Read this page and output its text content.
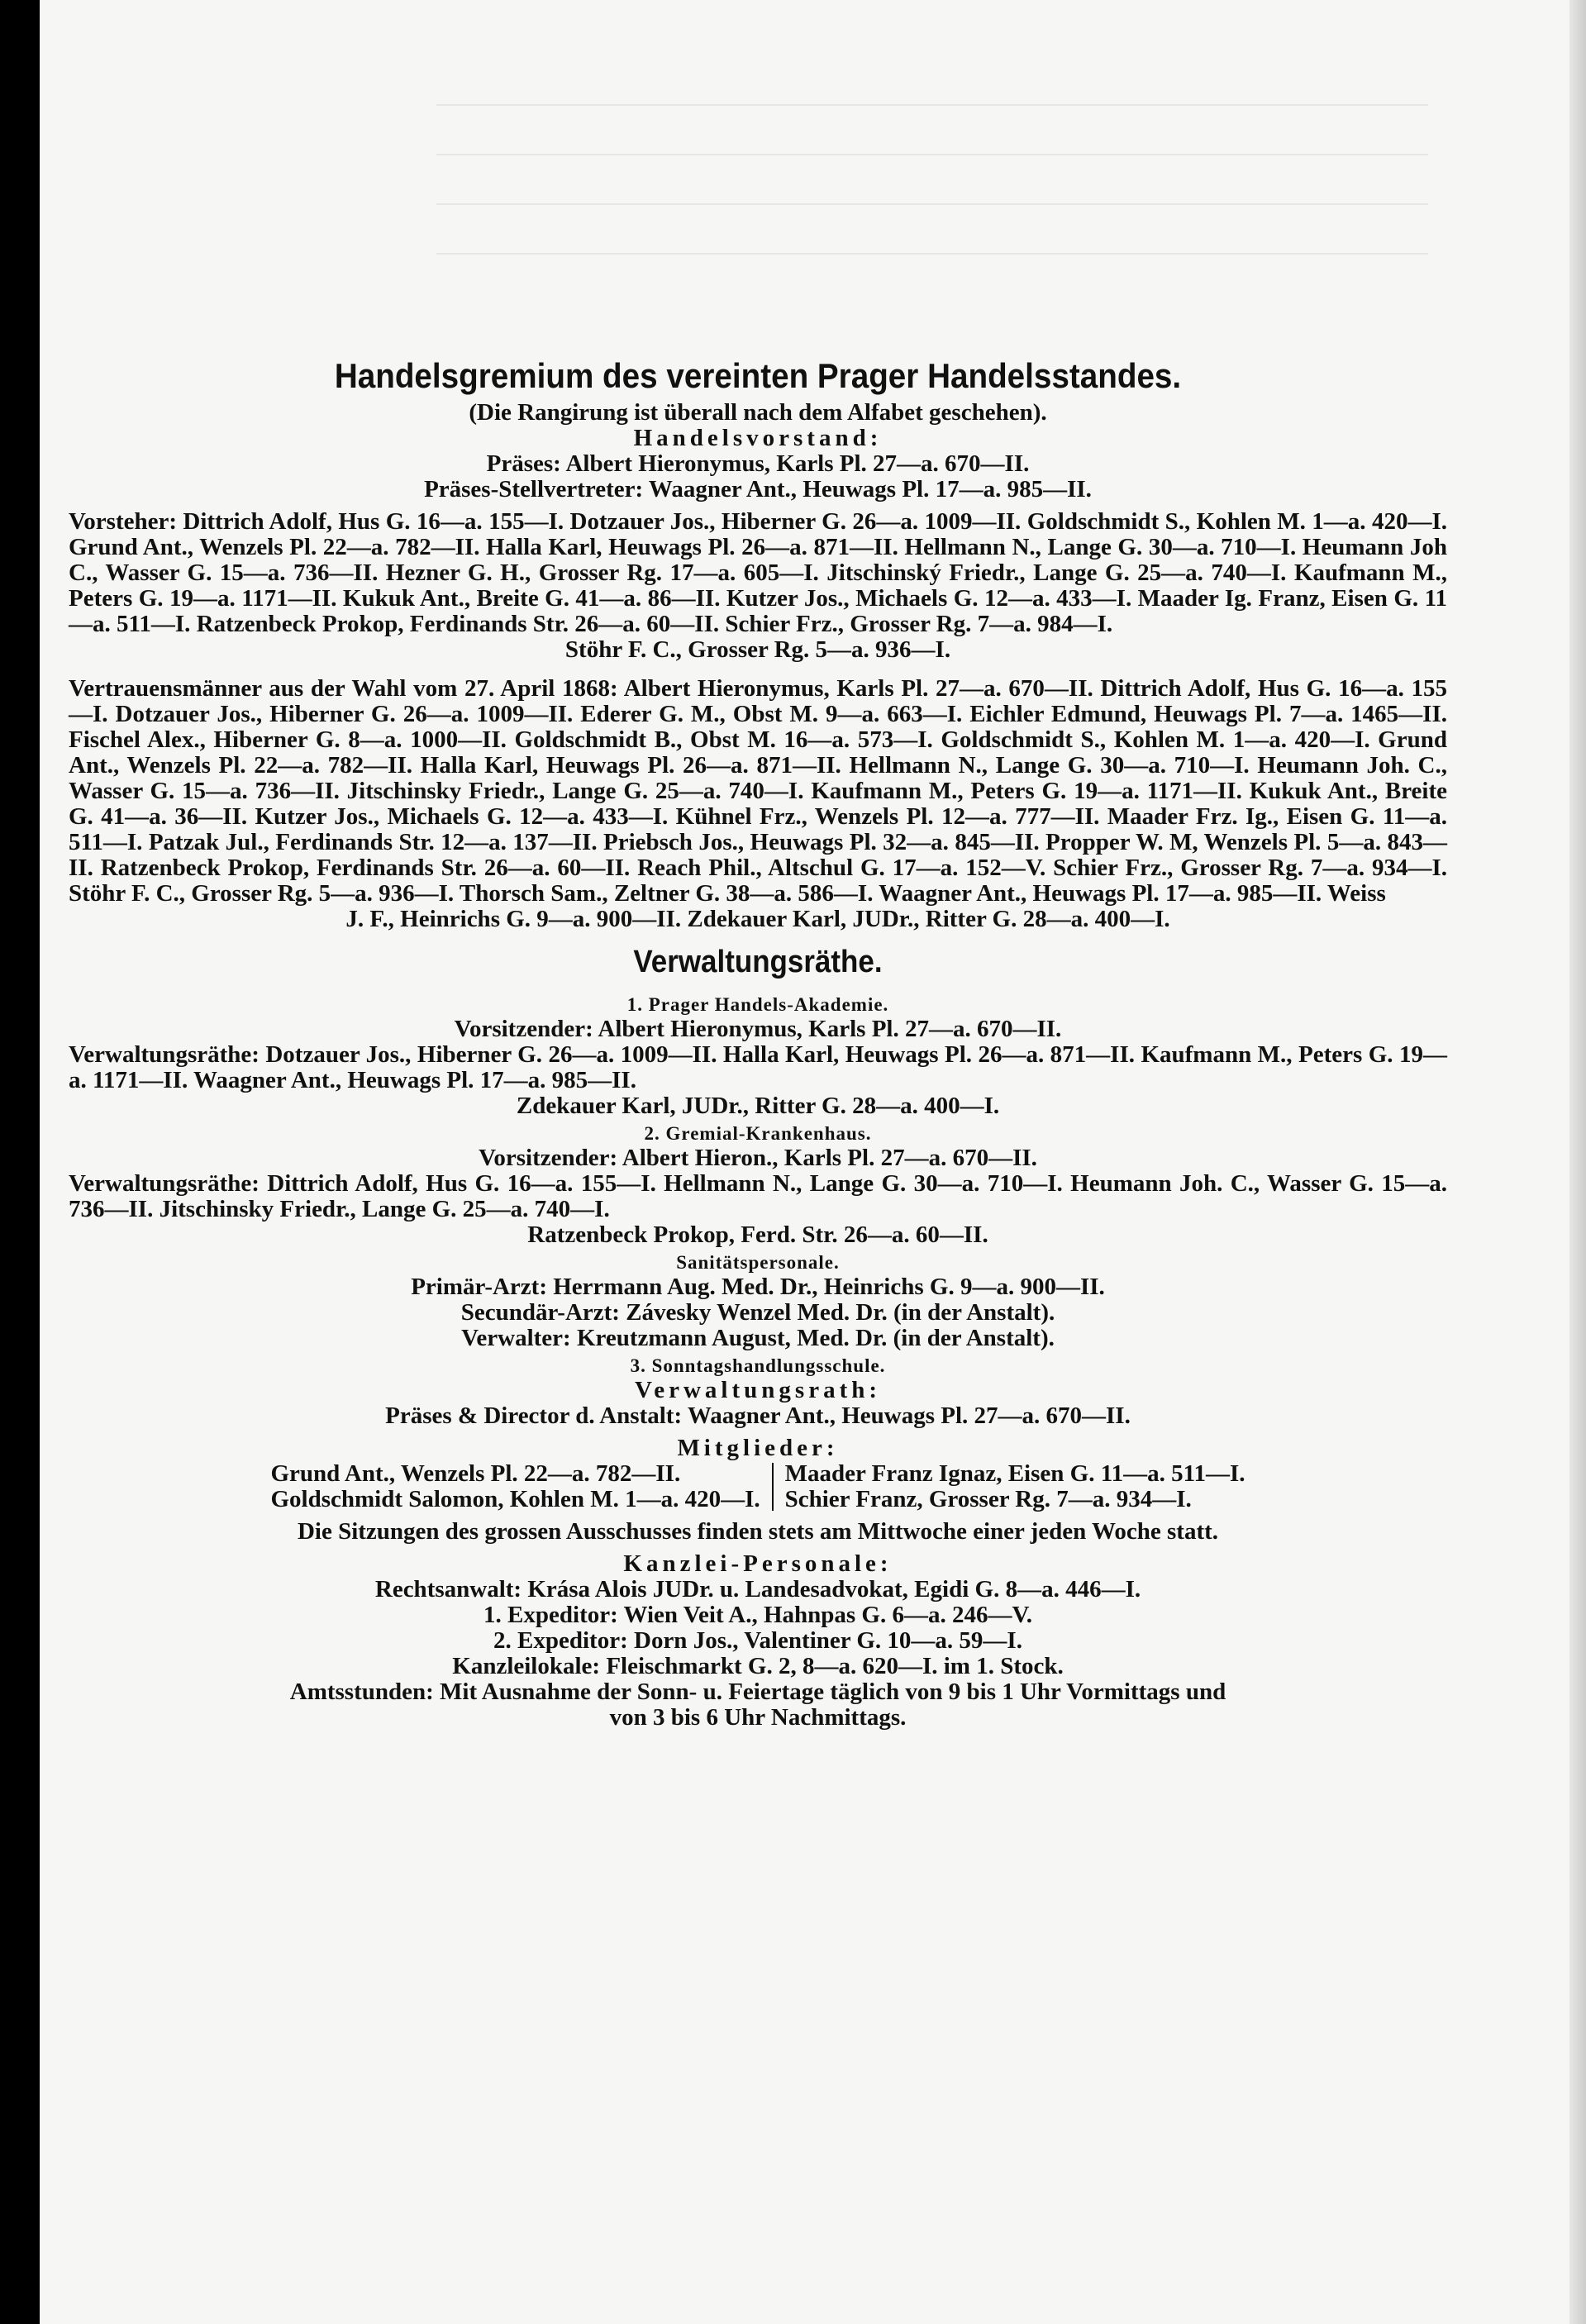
Handelsgremium des vereinten Prager Handelsstandes.
(Die Rangirung ist überall nach dem Alfabet geschehen).
Handelsvorstand:
Präses: Albert Hieronymus, Karls Pl. 27—a. 670—II.
Präses-Stellvertreter: Waagner Ant., Heuwags Pl. 17—a. 985—II.
Vorsteher: Dittrich Adolf, Hus G. 16—a. 155—I. Dotzauer Jos., Hiberner G. 26—a. 1009—II. Goldschmidt S., Kohlen M. 1—a. 420—I. Grund Ant., Wenzels Pl. 22—a. 782—II. Halla Karl, Heuwags Pl. 26—a. 871—II. Hellmann N., Lange G. 30—a. 710—I. Heumann Joh C., Wasser G. 15—a. 736—II. Hezner G. H., Grosser Rg. 17—a. 605—I. Jitschinský Friedr., Lange G. 25—a. 740—I. Kaufmann M., Peters G. 19—a. 1171—II. Kukuk Ant., Breite G. 41—a. 86—II. Kutzer Jos., Michaels G. 12—a. 433—I. Maader Ig. Franz, Eisen G. 11—a. 511—I. Ratzenbeck Prokop, Ferdinands Str. 26—a. 60—II. Schier Frz., Grosser Rg. 7—a. 984—I.
Stöhr F. C., Grosser Rg. 5—a. 936—I.
Vertrauensmänner aus der Wahl vom 27. April 1868: Albert Hieronymus, Karls Pl. 27—a. 670—II. Dittrich Adolf, Hus G. 16—a. 155—I. Dotzauer Jos., Hiberner G. 26—a. 1009—II. Ederer G. M., Obst M. 9—a. 663—I. Eichler Edmund, Heuwags Pl. 7—a. 1465—II. Fischel Alex., Hiberner G. 8—a. 1000—II. Goldschmidt B., Obst M. 16—a. 573—I. Goldschmidt S., Kohlen M. 1—a. 420—I. Grund Ant., Wenzels Pl. 22—a. 782—II. Halla Karl, Heuwags Pl. 26—a. 871—II. Hellmann N., Lange G. 30—a. 710—I. Heumann Joh. C., Wasser G. 15—a. 736—II. Jitschinsky Friedr., Lange G. 25—a. 740—I. Kaufmann M., Peters G. 19—a. 1171—II. Kukuk Ant., Breite G. 41—a. 36—II. Kutzer Jos., Michaels G. 12—a. 433—I. Kühnel Frz., Wenzels Pl. 12—a. 777—II. Maader Frz. Ig., Eisen G. 11—a. 511—I. Patzak Jul., Ferdinands Str. 12—a. 137—II. Priebsch Jos., Heuwags Pl. 32—a. 845—II. Propper W. M, Wenzels Pl. 5—a. 843—II. Ratzenbeck Prokop, Ferdinands Str. 26—a. 60—II. Reach Phil., Altschul G. 17—a. 152—V. Schier Frz., Grosser Rg. 7—a. 934—I. Stöhr F. C., Grosser Rg. 5—a. 936—I. Thorsch Sam., Zeltner G. 38—a. 586—I. Waagner Ant., Heuwags Pl. 17—a. 985—II. Weiss
J. F., Heinrichs G. 9—a. 900—II. Zdekauer Karl, JUDr., Ritter G. 28—a. 400—I.
Verwaltungsräthe.
1. Prager Handels-Akademie.
Vorsitzender: Albert Hieronymus, Karls Pl. 27—a. 670—II.
Verwaltungsräthe: Dotzauer Jos., Hiberner G. 26—a. 1009—II. Halla Karl, Heuwags Pl. 26—a. 871—II. Kaufmann M., Peters G. 19—a. 1171—II. Waagner Ant., Heuwags Pl. 17—a. 985—II.
Zdekauer Karl, JUDr., Ritter G. 28—a. 400—I.
2. Gremial-Krankenhaus.
Vorsitzender: Albert Hieron., Karls Pl. 27—a. 670—II.
Verwaltungsräthe: Dittrich Adolf, Hus G. 16—a. 155—I. Hellmann N., Lange G. 30—a. 710—I. Heumann Joh. C., Wasser G. 15—a. 736—II. Jitschinsky Friedr., Lange G. 25—a. 740—I.
Ratzenbeck Prokop, Ferd. Str. 26—a. 60—II.
Sanitätspersonale.
Primär-Arzt: Herrmann Aug. Med. Dr., Heinrichs G. 9—a. 900—II.
Secundär-Arzt: Závesky Wenzel Med. Dr. (in der Anstalt).
Verwalter: Kreutzmann August, Med. Dr. (in der Anstalt).
3. Sonntagshandlungsschule.
Verwaltungsrath:
Präses & Director d. Anstalt: Waagner Ant., Heuwags Pl. 27—a. 670—II.
Mitglieder:
Grund Ant., Wenzels Pl. 22—a. 782—II.
Goldschmidt Salomon, Kohlen M. 1—a. 420—I.
Maader Franz Ignaz, Eisen G. 11—a. 511—I.
Schier Franz, Grosser Rg. 7—a. 934—I.
Die Sitzungen des grossen Ausschusses finden stets am Mittwoche einer jeden Woche statt.
Kanzlei-Personale:
Rechtsanwalt: Krása Alois JUDr. u. Landesadvokat, Egidi G. 8—a. 446—I.
1. Expeditor: Wien Veit A., Hahnpas G. 6—a. 246—V.
2. Expeditor: Dorn Jos., Valentiner G. 10—a. 59—I.
Kanzleilokale: Fleischmarkt G. 2, 8—a. 620—I. im 1. Stock.
Amtsstunden: Mit Ausnahme der Sonn- u. Feiertage täglich von 9 bis 1 Uhr Vormittags und
von 3 bis 6 Uhr Nachmittags.
